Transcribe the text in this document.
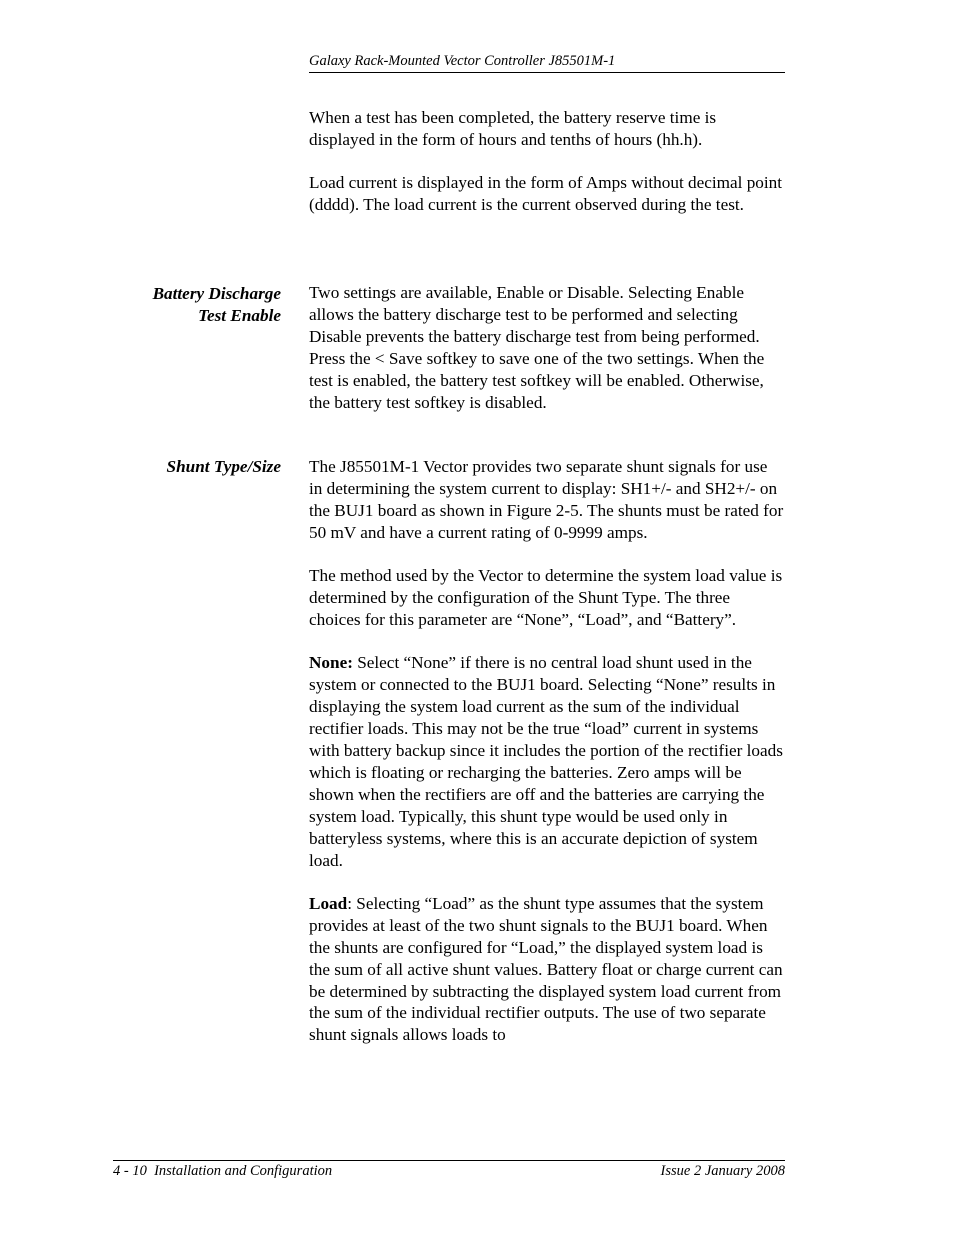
Galaxy Rack-Mounted Vector Controller J85501M-1

When a test has been completed, the battery reserve time is displayed in the form of hours and tenths of hours (hh.h).

Load current is displayed in the form of Amps without decimal point (dddd). The load current is the current observed during the test.

Battery Discharge
Test Enable

Two settings are available, Enable or Disable. Selecting Enable allows the battery discharge test to be performed and selecting Disable prevents the battery discharge test from being performed. Press the < Save softkey to save one of the two settings. When the test is enabled, the battery test softkey will be enabled. Otherwise, the battery test softkey is disabled.

Shunt Type/Size The J85501M-1 Vector provides two separate shunt signals for use in determining the system current to display: SH1+/- and SH2+/- on the BUJ1 board as shown in Figure 2-5. The shunts must be rated for 50 mV and have a current rating of 0-9999 amps.

The method used by the Vector to determine the system load value is determined by the configuration of the Shunt Type. The three choices for this parameter are “None”, “Load”, and “Battery”.

None: Select “None” if there is no central load shunt used in the system or connected to the BUJ1 board. Selecting “None” results in displaying the system load current as the sum of the individual rectifier loads. This may not be the true “load” current in systems with battery backup since it includes the portion of the rectifier loads which is floating or recharging the batteries. Zero amps will be shown when the rectifiers are off and the batteries are carrying the system load. Typically, this shunt type would be used only in batteryless systems, where this is an accurate depiction of system load.

Load: Selecting “Load” as the shunt type assumes that the system provides at least of the two shunt signals to the BUJ1 board. When the shunts are configured for “Load,” the displayed system load is the sum of all active shunt values. Battery float or charge current can be determined by subtracting the displayed system load current from the sum of the individual rectifier outputs. The use of two separate shunt signals allows loads to

4 - 10  Installation and Configuration	Issue 2 January 2008
